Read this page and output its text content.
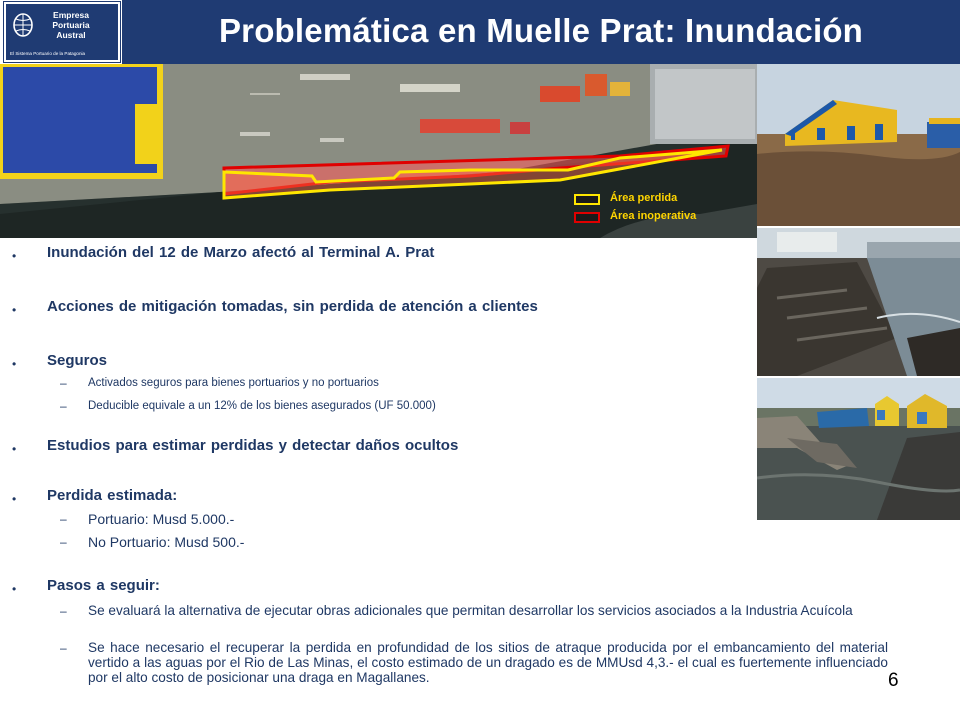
Empresa
Portuaria
Austral
El Sistema Portuario de la Patagonia
Problemática en Muelle Prat: Inundación
Área perdida
Área inoperativa
• Inundación del 12 de Marzo afectó al Terminal A. Prat
• Acciones de mitigación tomadas, sin perdida de atención a clientes
• Seguros
– Activados seguros para bienes portuarios y no portuarios
– Deducible equivale a un 12% de los bienes asegurados (UF 50.000)
• Estudios para estimar perdidas y detectar daños ocultos
• Perdida estimada:
– Portuario: Musd 5.000.-
– No Portuario: Musd 500.-
• Pasos a seguir:
– Se evaluará la alternativa de ejecutar obras adicionales que permitan desarrollar los servicios asociados a la Industria Acuícola
– Se hace necesario el recuperar la perdida en profundidad de los sitios de atraque producida por el embancamiento del material vertido a las aguas por el Rio de Las Minas, el costo estimado de un dragado es de MMUsd 4,3.- el cual es fuertemente influenciado por el alto costo de posicionar una draga en Magallanes.	6
